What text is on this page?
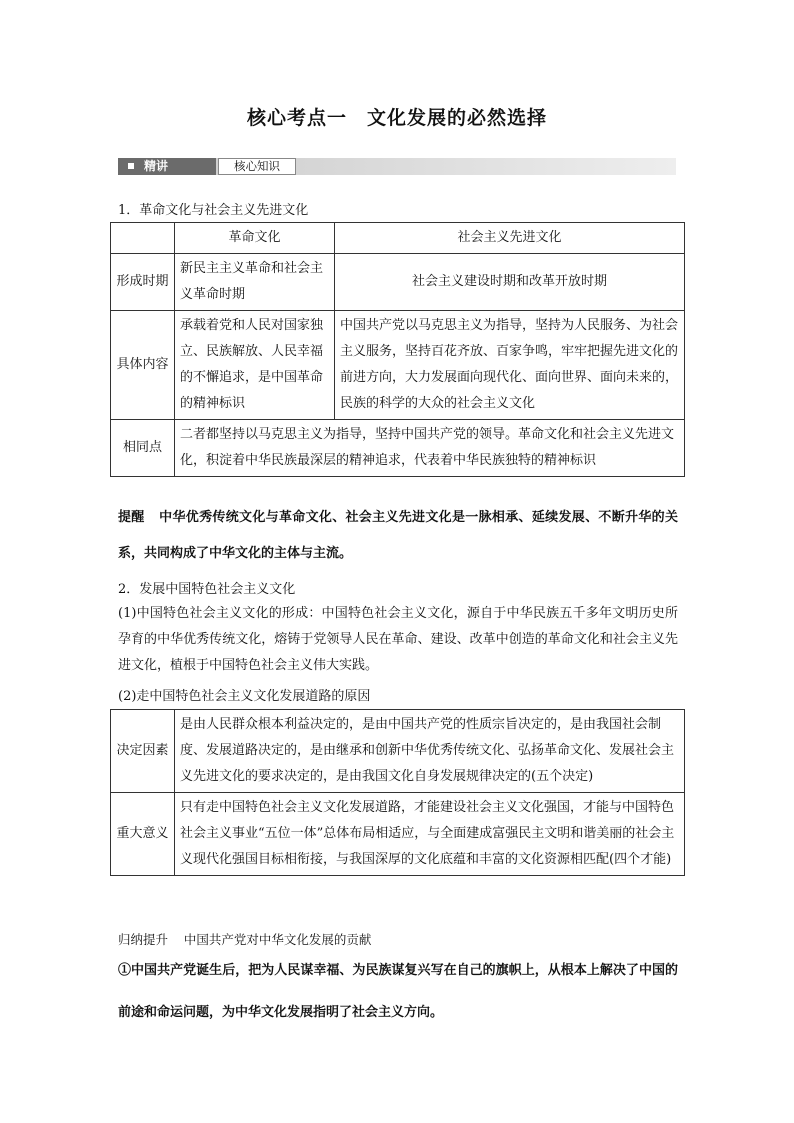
核心考点一　文化发展的必然选择
精讲	核心知识
1．革命文化与社会主义先进文化
	革命文化	社会主义先进文化
形成时期	新民主主义革命和社会主义革命时期	社会主义建设时期和改革开放时期
具体内容	承载着党和人民对国家独立、民族解放、人民幸福的不懈追求，是中国革命的精神标识	中国共产党以马克思主义为指导，坚持为人民服务、为社会主义服务，坚持百花齐放、百家争鸣，牢牢把握先进文化的前进方向，大力发展面向现代化、面向世界、面向未来的，民族的科学的大众的社会主义文化
相同点	二者都坚持以马克思主义为指导，坚持中国共产党的领导。革命文化和社会主义先进文化，积淀着中华民族最深层的精神追求，代表着中华民族独特的精神标识	
提醒 中华优秀传统文化与革命文化、社会主义先进文化是一脉相承、延续发展、不断升华的关系，共同构成了中华文化的主体与主流。
2．发展中国特色社会主义文化
(1)中国特色社会主义文化的形成：中国特色社会主义文化，源自于中华民族五千多年文明历史所孕育的中华优秀传统文化，熔铸于党领导人民在革命、建设、改革中创造的革命文化和社会主义先进文化，植根于中国特色社会主义伟大实践。
(2)走中国特色社会主义文化发展道路的原因
决定因素	是由人民群众根本利益决定的，是由中国共产党的性质宗旨决定的，是由我国社会制度、发展道路决定的，是由继承和创新中华优秀传统文化、弘扬革命文化、发展社会主义先进文化的要求决定的，是由我国文化自身发展规律决定的(五个决定)
重大意义	只有走中国特色社会主义文化发展道路，才能建设社会主义文化强国，才能与中国特色社会主义事业“五位一体”总体布局相适应，与全面建成富强民主文明和谐美丽的社会主义现代化强国目标相衔接，与我国深厚的文化底蕴和丰富的文化资源相匹配(四个才能)
归纳提升 中国共产党对中华文化发展的贡献
①中国共产党诞生后，把为人民谋幸福、为民族谋复兴写在自己的旗帜上，从根本上解决了中国的前途和命运问题，为中华文化发展指明了社会主义方向。
